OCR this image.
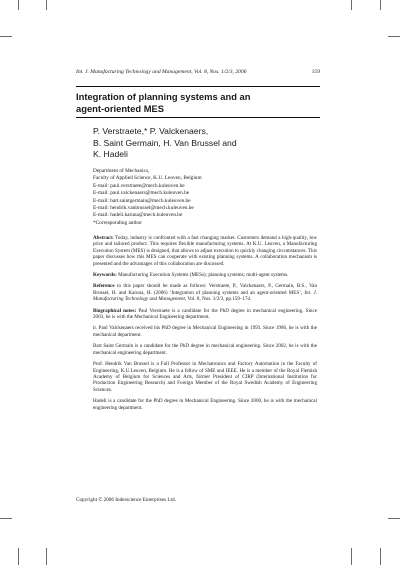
Int. J. Manufacturing Technology and Management, Vol. 8, Nos. 1/2/3, 2006	159
Integration of planning systems and an
agent-oriented MES
P. Verstraete,* P. Valckenaers,
B. Saint Germain, H. Van Brussel and
K. Hadeli
Department of Mechanics,
Faculty of Applied Science, K.U. Leuven, Belgium
E-mail: paul.verstraete@mech.kuleuven.be
E-mail: paul.valckenaers@mech.kuleuven.be
E-mail: bart.saintgermain@mech.kuleuven.be
E-mail: hendrik.vanbrussel@mech.kuleuven.be
E-mail: hadeli.karuna@mech.kuleuven.be
*Corresponding author

Abstract: Today, industry is confronted with a fast changing market. Customers demand a high-quality, low price and tailored product. This requires flexible manufacturing systems. At K.U. Leuven, a Manufacturing Execution System (MES) is designed, that allows to adjust execution to quickly changing circumstances. This paper discusses how this MES can cooperate with existing planning systems. A collaboration mechanism is presented and the advantages of this collaboration are discussed.

Keywords: Manufacturing Execution Systems (MESs); planning systems; multi-agent systems.

Reference to this paper should be made as follows: Verstraete, P., Valckenaers, P., Germain, B.S., Van Brussel, H. and Karuna, H. (2006) ‘Integration of planning systems and an agent-oriented MES’, Int. J. Manufacturing Technology and Management, Vol. 8, Nos. 1/2/3, pp.159–174.

Biographical notes: Paul Verstraete is a candidate for the PhD degree in mechanical engineering. Since 2003, he is with the Mechanical Engineering department.

ir. Paul Valckenaers received his PhD degree in Mechanical Engineering in 1993. Since 1986, he is with the mechanical department.

Bart Saint Germain is a candidate for the PhD degree in mechanical engineering. Since 2002, he is with the mechanical engineering department.

Prof. Hendrik Van Brussel is a Full Professor in Mechatronics and Factory Automation in the Faculty of Engineering, K.U.Leuven, Belgium. He is a fellow of SME and IEEE. He is a member of the Royal Flemish Academy of Belgium for Sciences and Arts, former President of CIRP (International Institution for Production Engineering Research) and Foreign Member of the Royal Swedish Academy of Engineering Sciences.

Hadeli is a candidate for the PhD degree in Mechanical Engineering. Since 2000, he is with the mechanical engineering department.

Copyright © 2006 Inderscience Enterprises Ltd.
